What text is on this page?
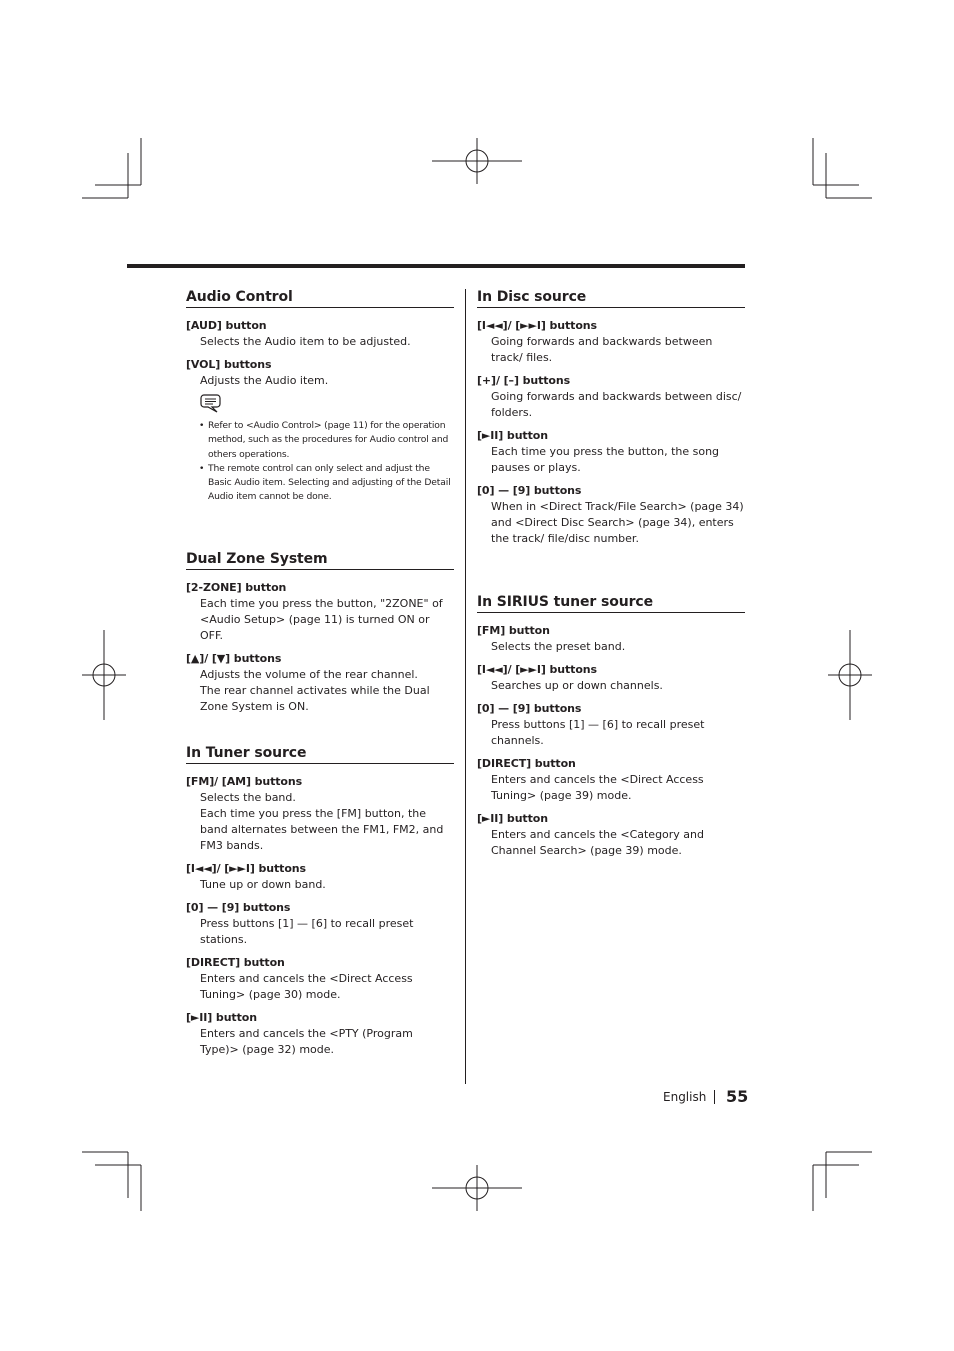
Audio Control
[AUD] button
Selects the Audio item to be adjusted.
[VOL] buttons
Adjusts the Audio item.
• Refer to <Audio Control> (page 11) for the operation method, such as the procedures for Audio control and others operations.
• The remote control can only select and adjust the Basic Audio item. Selecting and adjusting of the Detail Audio item cannot be done.
Dual Zone System
[2-ZONE] button
Each time you press the button, "2ZONE" of <Audio Setup> (page 11) is turned ON or OFF.
[▲]/ [▼] buttons
Adjusts the volume of the rear channel.
The rear channel activates while the Dual Zone System is ON.
In Tuner source
[FM]/ [AM] buttons
Selects the band.
Each time you press the [FM] button, the band alternates between the FM1, FM2, and FM3 bands.
[I◄◄]/ [►►I] buttons
Tune up or down band.
[0] — [9] buttons
Press buttons [1] — [6] to recall preset stations.
[DIRECT] button
Enters and cancels the <Direct Access Tuning> (page 30) mode.
[►II] button
Enters and cancels the <PTY (Program Type)> (page 32) mode.
In Disc source
[I◄◄]/ [►►I] buttons
Going forwards and backwards between track/ files.
[+]/ [–] buttons
Going forwards and backwards between disc/ folders.
[►II] button
Each time you press the button, the song pauses or plays.
[0] — [9] buttons
When in <Direct Track/File Search> (page 34) and <Direct Disc Search> (page 34), enters the track/ file/disc number.
In SIRIUS tuner source
[FM] button
Selects the preset band.
[I◄◄]/ [►►I] buttons
Searches up or down channels.
[0] — [9] buttons
Press buttons [1] — [6] to recall preset channels.
[DIRECT] button
Enters and cancels the <Direct Access Tuning> (page 39) mode.
[►II] button
Enters and cancels the <Category and Channel Search> (page 39) mode.
English 55
